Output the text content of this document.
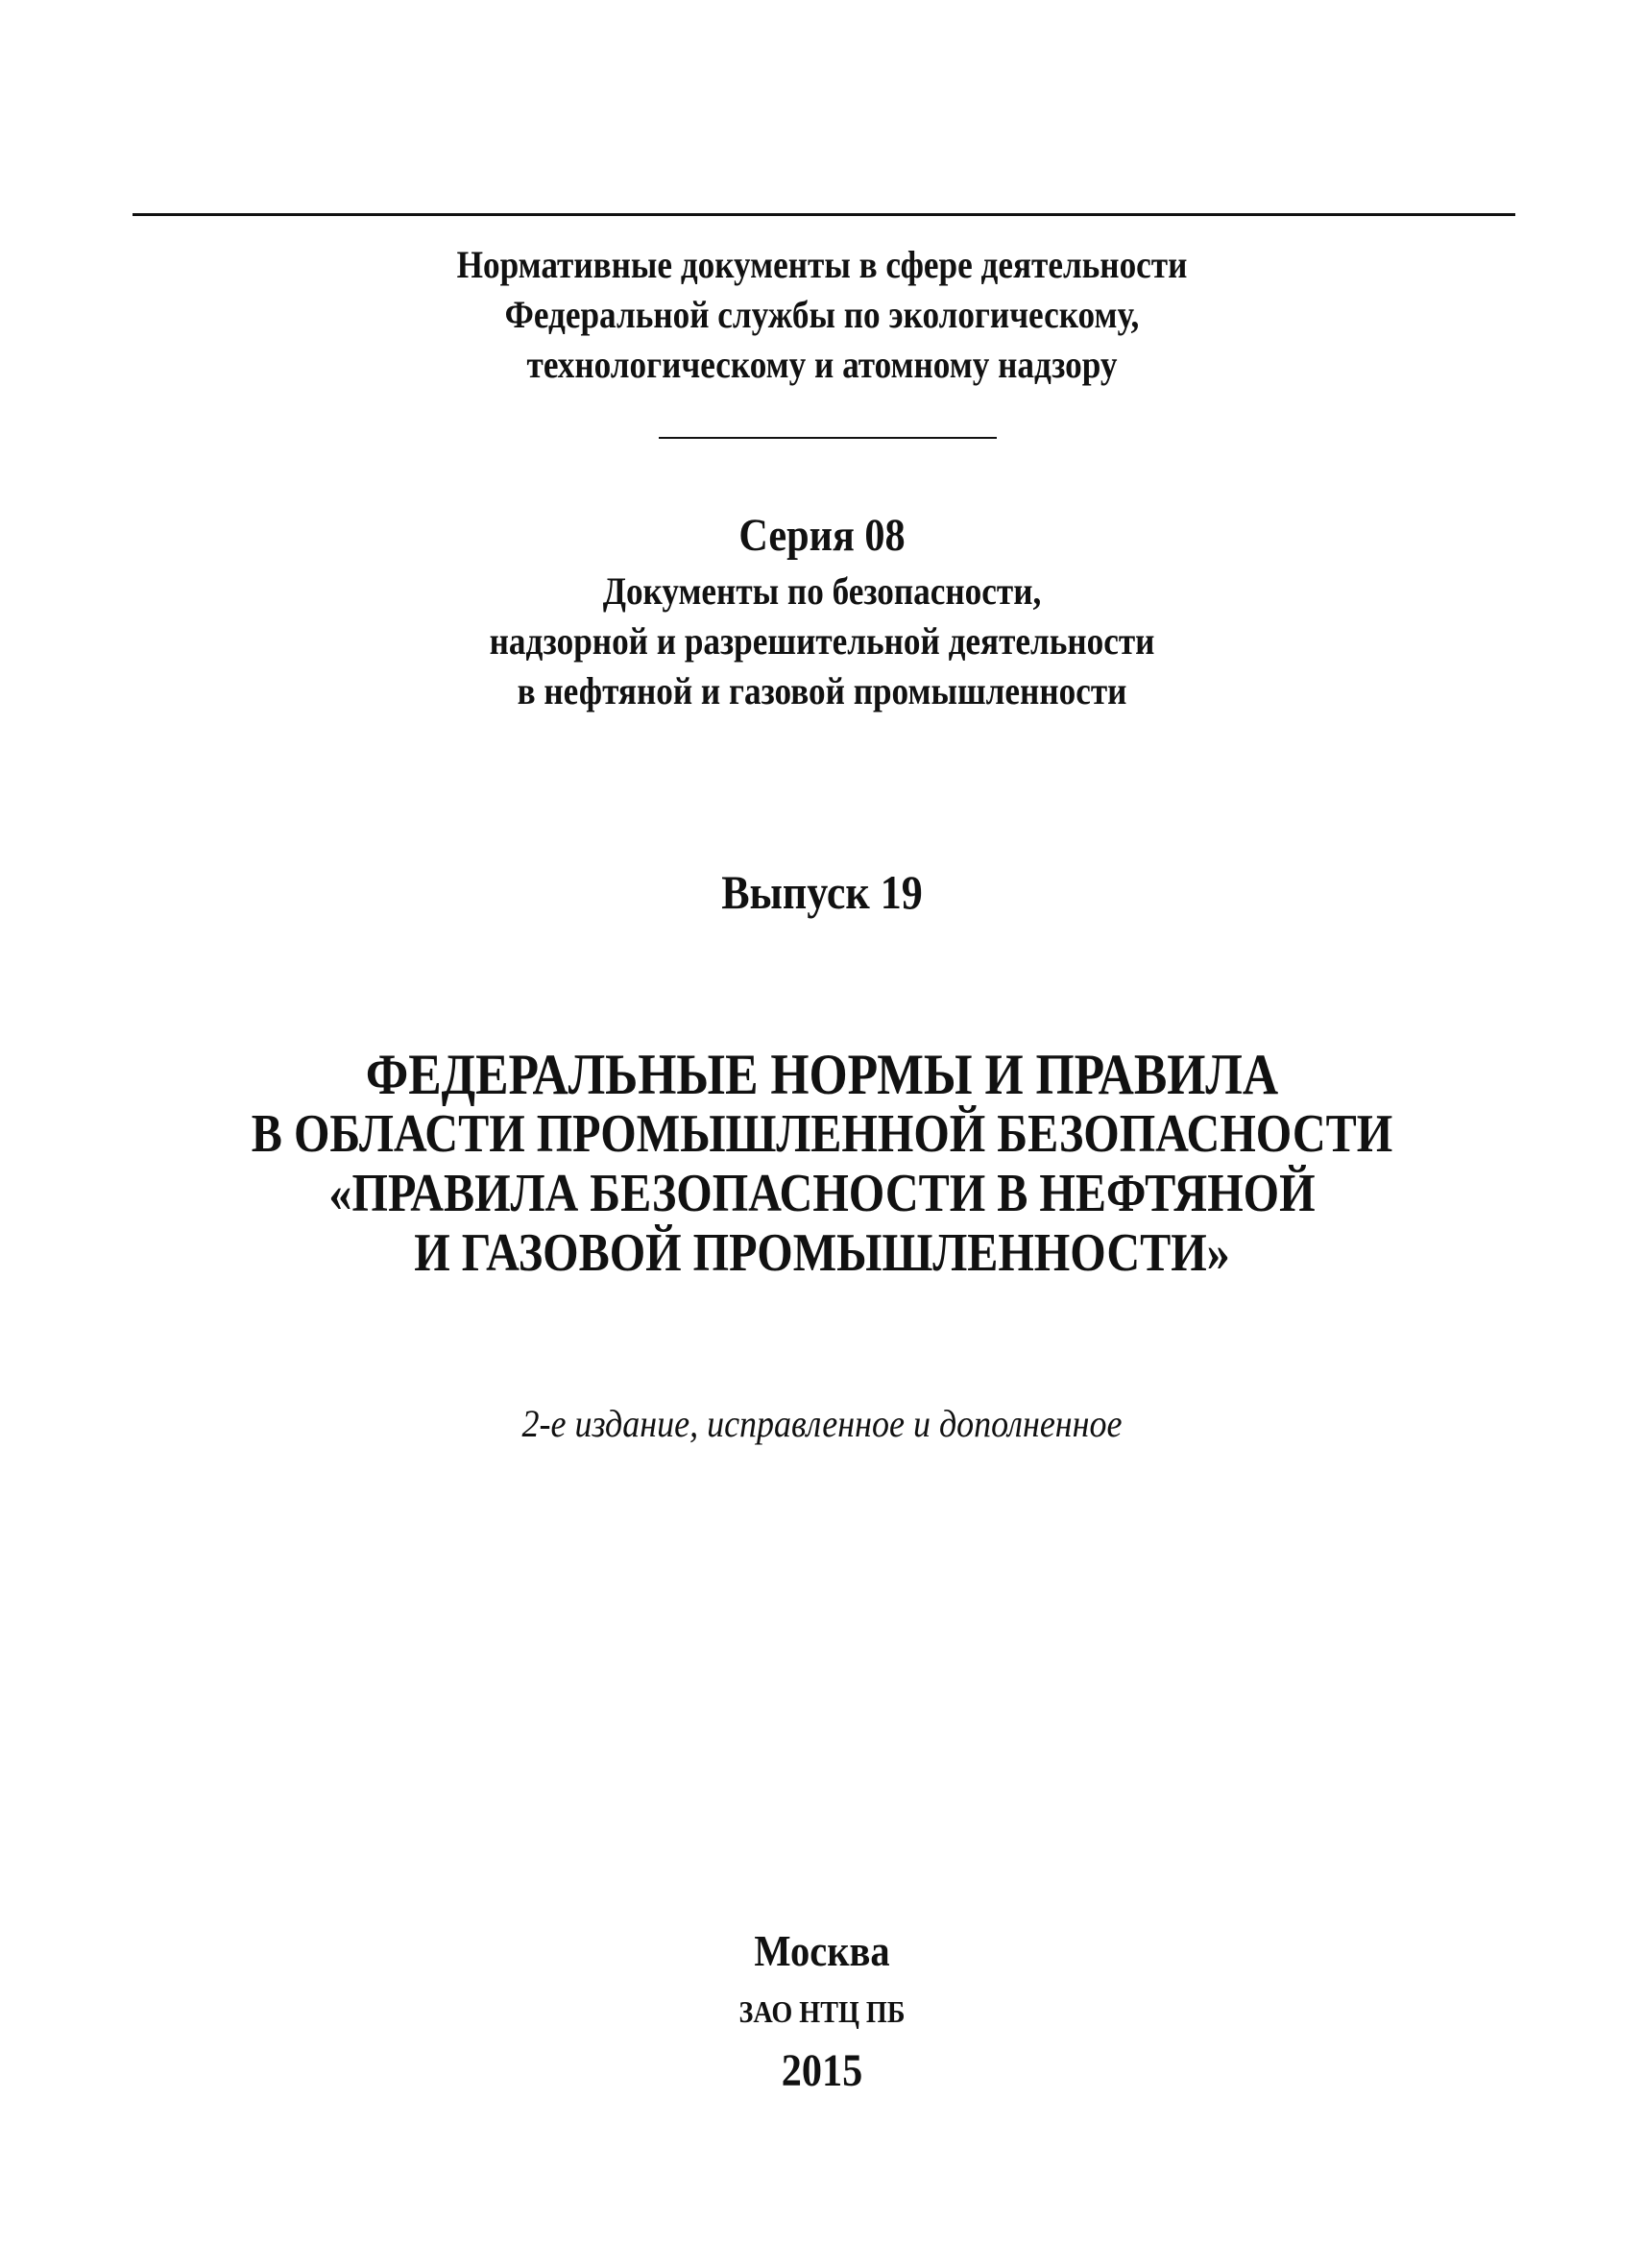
Нормативные документы в сфере деятельности
Федеральной службы по экологическому,
технологическому и атомному надзору
Серия 08
Документы по безопасности,
надзорной и разрешительной деятельности
в нефтяной и газовой промышленности
Выпуск 19
ФЕДЕРАЛЬНЫЕ НОРМЫ И ПРАВИЛА
В ОБЛАСТИ ПРОМЫШЛЕННОЙ БЕЗОПАСНОСТИ
«ПРАВИЛА БЕЗОПАСНОСТИ В НЕФТЯНОЙ
И ГАЗОВОЙ ПРОМЫШЛЕННОСТИ»
2-е издание, исправленное и дополненное
Москва
ЗАО НТЦ ПБ
2015
